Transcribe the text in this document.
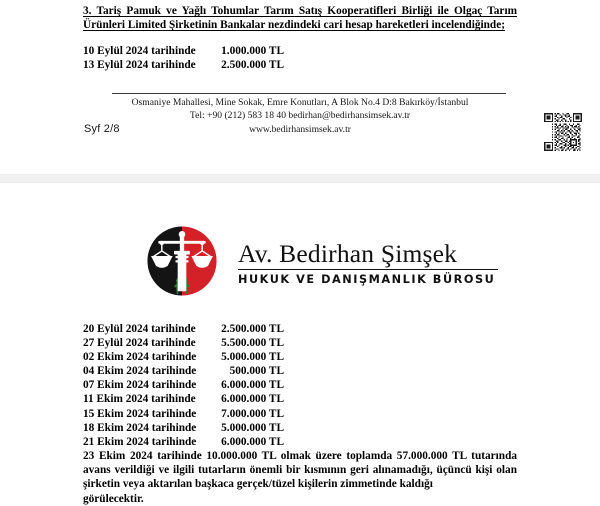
3. Tariş Pamuk ve Yağlı Tohumlar Tarım Satış Kooperatifleri Birliği ile Olgaç Tarım Ürünleri Limited Şirketinin Bankalar nezdindeki cari hesap hareketleri incelendiğinde;

10 Eylül 2024 tarihinde 1.000.000 TL
13 Eylül 2024 tarihinde 2.500.000 TL
Osmaniye Mahallesi, Mine Sokak, Emre Konutları, A Blok No.4 D:8 Bakırköy/İstanbul
Tel: +90 (212) 583 18 40 bedirhan@bedirhansimsek.av.tr
www.bedirhansimsek.av.tr
Syf 2/8
Av. Bedirhan Şimşek
HUKUK VE DANIŞMANLIK BÜROSU
20 Eylül 2024 tarihinde 2.500.000 TL
27 Eylül 2024 tarihinde 5.500.000 TL
02 Ekim 2024 tarihinde 5.000.000 TL
04 Ekim 2024 tarihinde	500.000 TL
07 Ekim 2024 tarihinde 6.000.000 TL
11 Ekim 2024 tarihinde 6.000.000 TL
15 Ekim 2024 tarihinde 7.000.000 TL
18 Ekim 2024 tarihinde 5.000.000 TL
21 Ekim 2024 tarihinde 6.000.000 TL

23 Ekim 2024 tarihinde 10.000.000 TL olmak üzere toplamda 57.000.000 TL tutarında avans verildiği ve ilgili tutarların önemli bir kısmının geri alınamadığı, üçüncü kişi olan şirketin veya aktarılan başkaca gerçek/tüzel kişilerin zimmetinde kaldığı
görülecektir.
